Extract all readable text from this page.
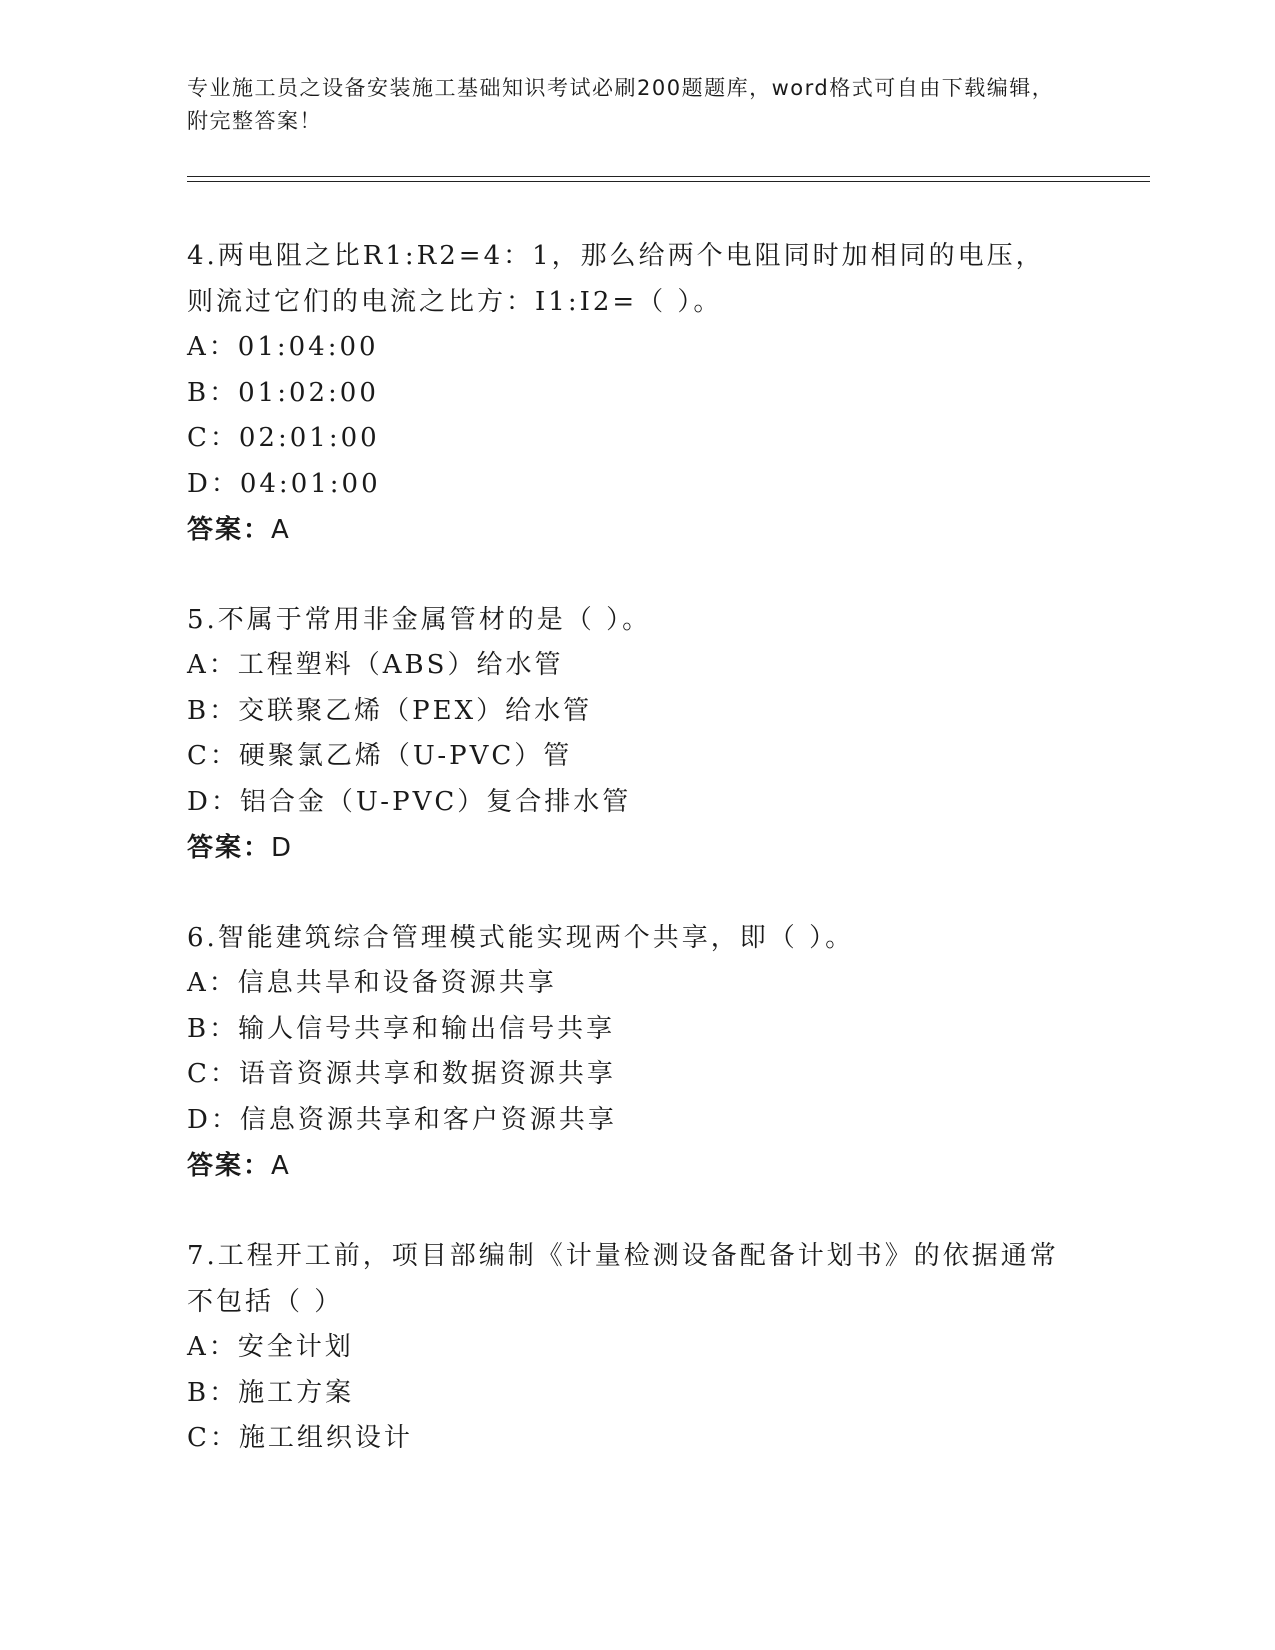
专业施工员之设备安装施工基础知识考试必刷200题题库，word格式可自由下载编辑，附完整答案！
4.两电阻之比R1:R2=4：1，那么给两个电阻同时加相同的电压，则流过它们的电流之比方：I1:I2=（ ）。
A：01:04:00
B：01:02:00
C：02:01:00
D：04:01:00
答案：A
5.不属于常用非金属管材的是（ ）。
A：工程塑料（ABS）给水管
B：交联聚乙烯（PEX）给水管
C：硬聚氯乙烯（U-PVC）管
D：铝合金（U-PVC）复合排水管
答案：D
6.智能建筑综合管理模式能实现两个共享，即（ ）。
A：信息共旱和设备资源共享
B：输人信号共享和输出信号共享
C：语音资源共享和数据资源共享
D：信息资源共享和客户资源共享
答案：A
7.工程开工前，项目部编制《计量检测设备配备计划书》的依据通常不包括（ ）
A：安全计划
B：施工方案
C：施工组织设计
